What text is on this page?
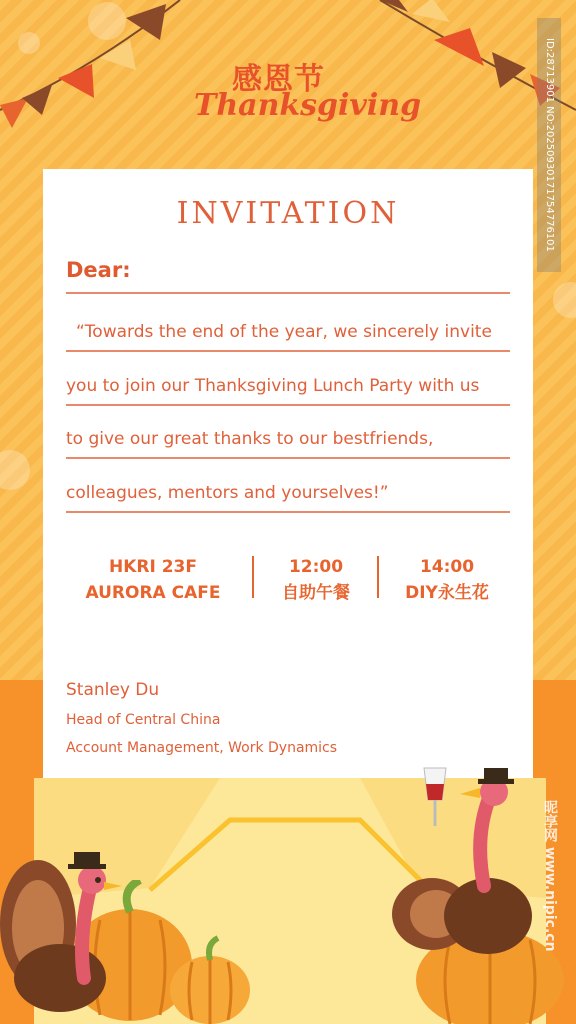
感恩节
Thanksgiving
INVITATION
Dear:
“Towards the end of the year, we sincerely invite
you to join our Thanksgiving Lunch Party with us
to give our great thanks to our bestfriends,
colleagues, mentors and yourselves!”
HKRI 23F
AURORA CAFE
12:00
自助午餐
14:00
DIY永生花
Stanley Du
Head of Central China
Account Management, Work Dynamics
ID:28713901 NO:20250930171754776101
昵享网 www.nipic.cn
